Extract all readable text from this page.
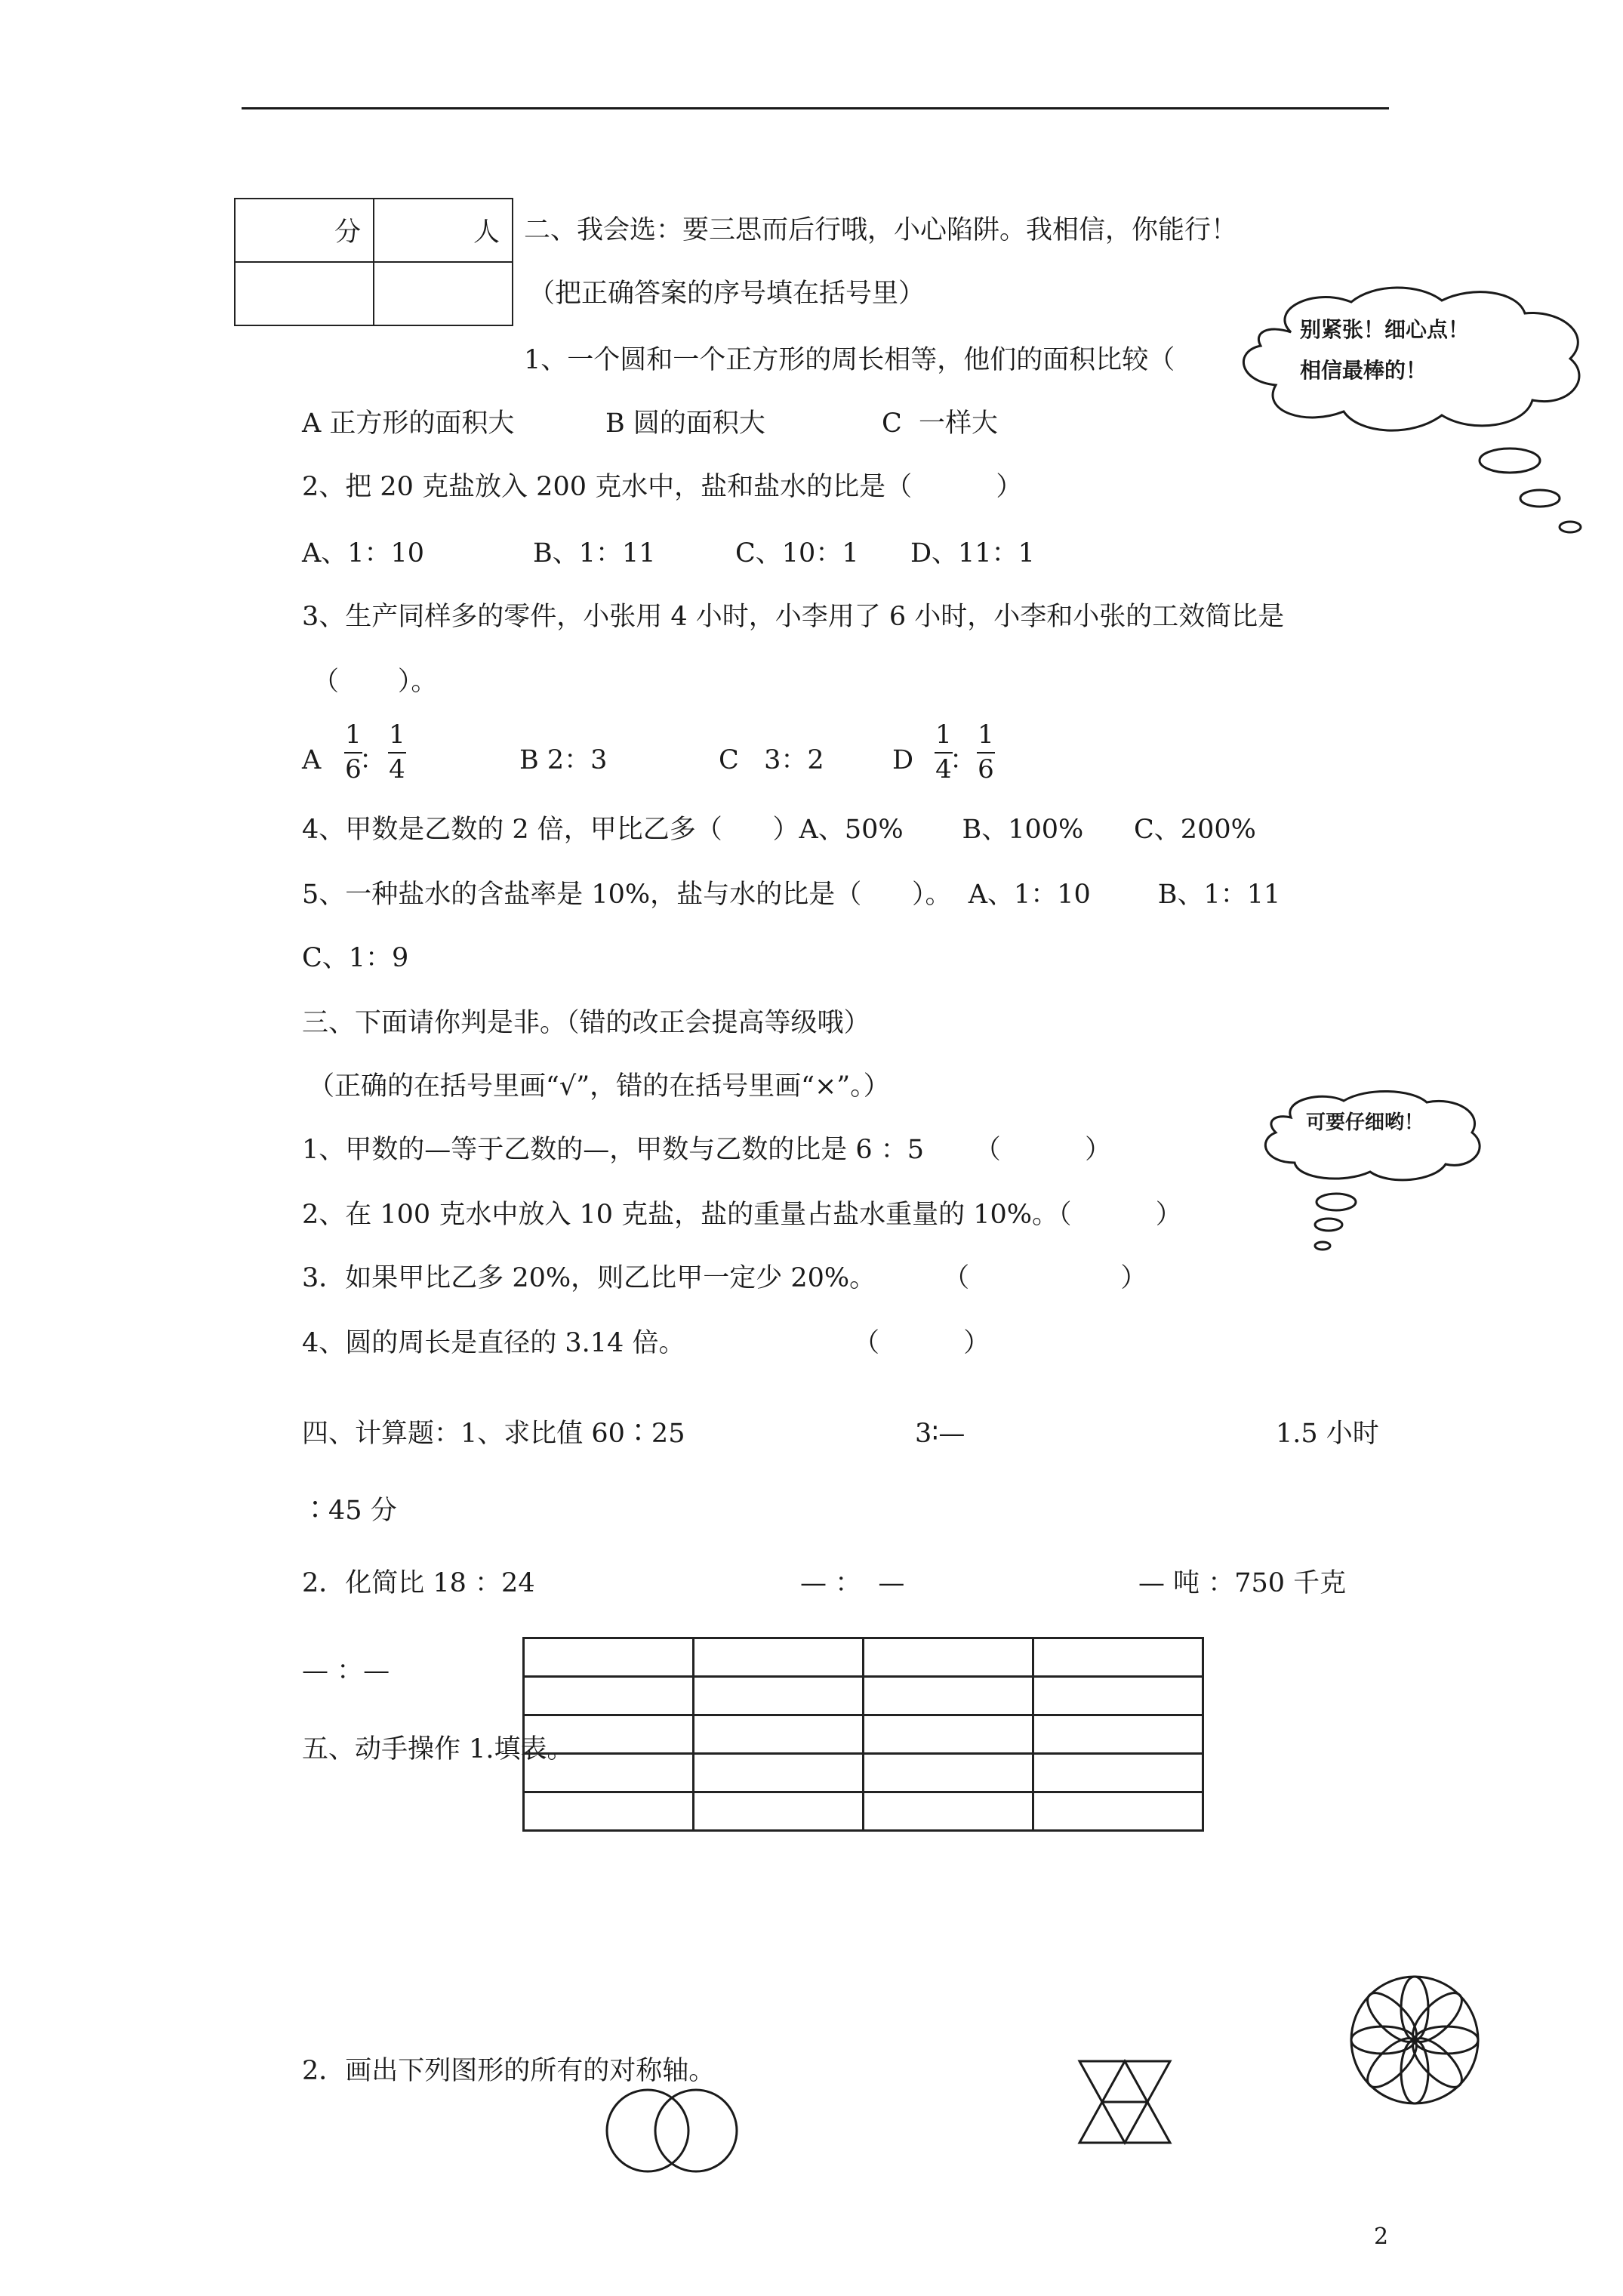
分	人
	二、我会选：要三思而后行哦，小心陷阱。我相信，你能行！
（把正确答案的序号填在括号里）
1、一个圆和一个正方形的周长相等，他们的面积比较（
A 正方形的面积大	B 圆的面积大	C  一样大
2、把 20 克盐放入 200 克水中，盐和盐水的比是（          ）
A、1：10	B、1：11	C、10：1 D、11：1
3、生产同样多的零件，小张用 4 小时，小李用了 6 小时，小李和小张的工效简比是
（       ）。
A
1
6
：
1
4	B 2：3	C   3：2	D
1
4
：
1
6
4、甲数是乙数的 2 倍，甲比乙多（      ）A、50%       B、100%      C、200%
5、一种盐水的含盐率是 10%，盐与水的比是（      ）。  A、1：10        B、1：11
C、1：9
别紧张！细心点！
相信最棒的！
三、下面请你判是非。（错的改正会提高等级哦）
（正确的在括号里画“√”，错的在括号里画“×”。）
1、甲数的—等于乙数的—，甲数与乙数的比是 6 ：5      （          ）
2、在 100 克水中放入 10 克盐，盐的重量占盐水重量的 10%。（          ）
3．如果甲比乙多 20%，则乙比甲一定少 20%。        （                  ）
4、圆的周长是直径的 3.14 倍。                    （          ）
可要仔细哟！
四、计算题：1、求比值 60∶25	3∶—	1.5 小时
∶45 分
2．化简比 18 ：24	— ：  —	— 吨 ：750 千克
— ：—
五、动手操作 1.填表。

2．画出下列图形的所有的对称轴。
2
